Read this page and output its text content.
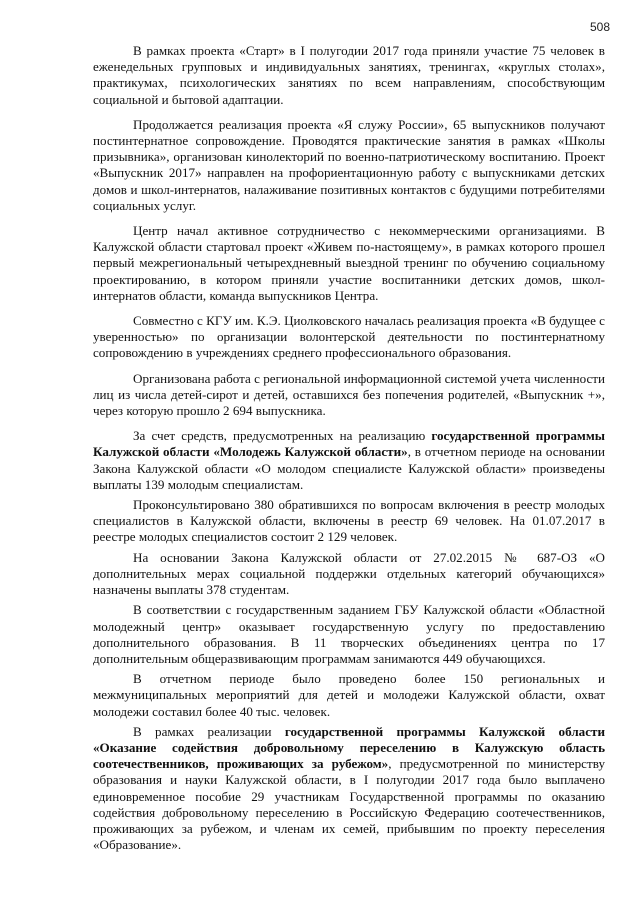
508

В рамках проекта «Старт» в I полугодии 2017 года приняли участие 75 человек в еженедельных групповых и индивидуальных занятиях, тренингах, «круглых столах», практикумах, психологических занятиях по всем направлениям, способствующим социальной и бытовой адаптации.

Продолжается реализация проекта «Я служу России», 65 выпускников получают постинтернатное сопровождение. Проводятся практические занятия в рамках «Школы призывника», организован кинолекторий по военно-патриотическому воспитанию. Проект «Выпускник 2017» направлен на профориентационную работу с выпускниками детских домов и школ-интернатов, налаживание позитивных контактов с будущими потребителями социальных услуг.

Центр начал активное сотрудничество с некоммерческими организациями. В Калужской области стартовал проект «Живем по-настоящему», в рамках которого прошел первый межрегиональный четырехдневный выездной тренинг по обучению социальному проектированию, в котором приняли участие воспитанники детских домов, школ-интернатов области, команда выпускников Центра.

Совместно с КГУ им. К.Э. Циолковского началась реализация проекта «В будущее с уверенностью» по организации волонтерской деятельности по постинтернатному сопровождению в учреждениях среднего профессионального образования.

Организована работа с региональной информационной системой учета численности лиц из числа детей-сирот и детей, оставшихся без попечения родителей, «Выпускник +», через которую прошло 2 694 выпускника.

За счет средств, предусмотренных на реализацию государственной программы Калужской области «Молодежь Калужской области», в отчетном периоде на основании Закона Калужской области «О молодом специалисте Калужской области» произведены выплаты 139 молодым специалистам.

Проконсультировано 380 обратившихся по вопросам включения в реестр молодых специалистов в Калужской области, включены в реестр 69 человек. На 01.07.2017 в реестре молодых специалистов состоит 2 129 человек.

На основании Закона Калужской области от 27.02.2015 № 687-ОЗ «О дополнительных мерах социальной поддержки отдельных категорий обучающихся» назначены выплаты 378 студентам.

В соответствии с государственным заданием ГБУ Калужской области «Областной молодежный центр» оказывает государственную услугу по предоставлению дополнительного образования. В 11 творческих объединениях центра по 17 дополнительным общеразвивающим программам занимаются 449 обучающихся.

В отчетном периоде было проведено более 150 региональных и межмуниципальных мероприятий для детей и молодежи Калужской области, охват молодежи составил более 40 тыс. человек.

В рамках реализации государственной программы Калужской области «Оказание содействия добровольному переселению в Калужскую область соотечественников, проживающих за рубежом», предусмотренной по министерству образования и науки Калужской области, в I полугодии 2017 года было выплачено единовременное пособие 29 участникам Государственной программы по оказанию содействия добровольному переселению в Российскую Федерацию соотечественников, проживающих за рубежом, и членам их семей, прибывшим по проекту переселения «Образование».
